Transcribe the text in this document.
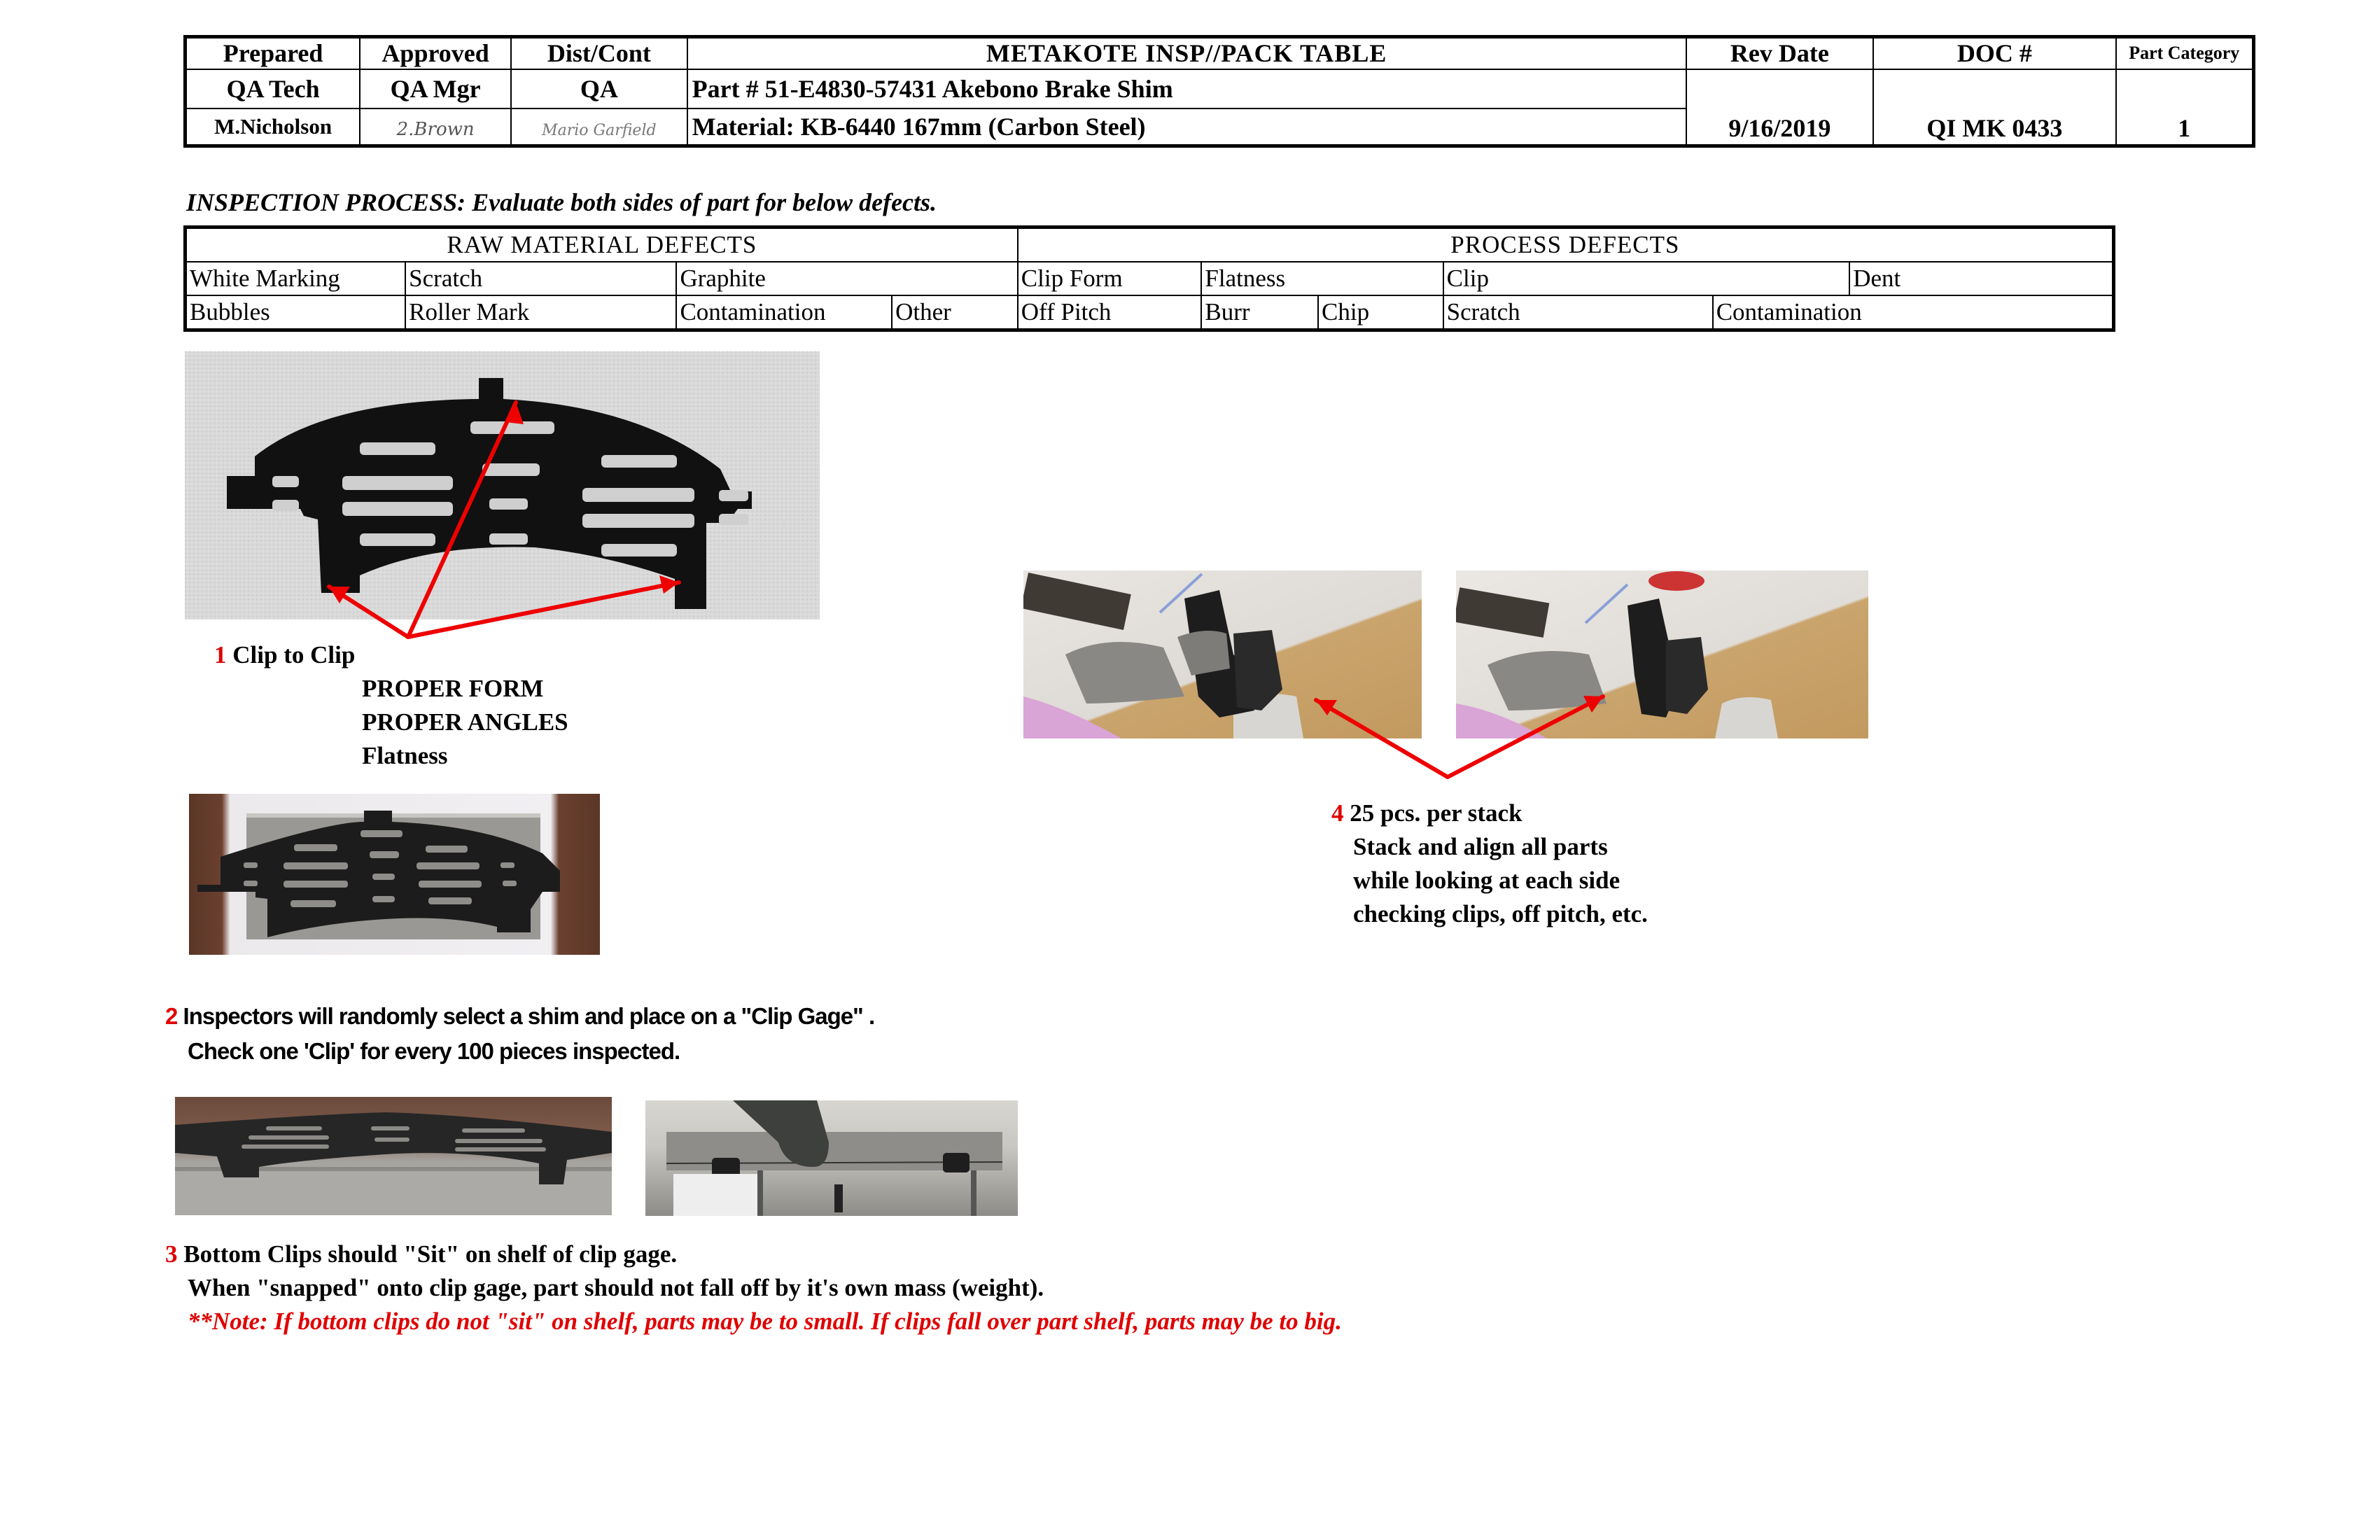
Prepared	Approved	Dist/Cont	METAKOTE INSP//PACK TABLE	Rev Date	DOC #	Part Category
QA Tech	QA Mgr	QA	Part # 51-E4830-57431 Akebono Brake Shim	9/16/2019	QI MK 0433	1
M.Nicholson	2.Brown	Mario Garfield	Material: KB-6440 167mm (Carbon Steel)			
INSPECTION PROCESS: Evaluate both sides of part for below defects.
RAW MATERIAL DEFECTS				PROCESS DEFECTS					
White Marking	Scratch	Graphite		Clip Form	Flatness		Clip		Dent
Bubbles	Roller Mark	Contamination	Other	Off Pitch	Burr	Chip	Scratch	Contamination	
1 Clip to Clip
PROPER FORM
PROPER ANGLES
Flatness
4 25 pcs. per stack
Stack and align all parts
while looking at each side
checking clips, off pitch, etc.
2 Inspectors will randomly select a shim and place on a "Clip Gage" .
Check one 'Clip' for every 100 pieces inspected.
3 Bottom Clips should "Sit" on shelf of clip gage.
When "snapped" onto clip gage, part should not fall off by it's own mass (weight).
**Note: If bottom clips do not "sit" on shelf, parts may be to small. If clips fall over part shelf, parts may be to big.
